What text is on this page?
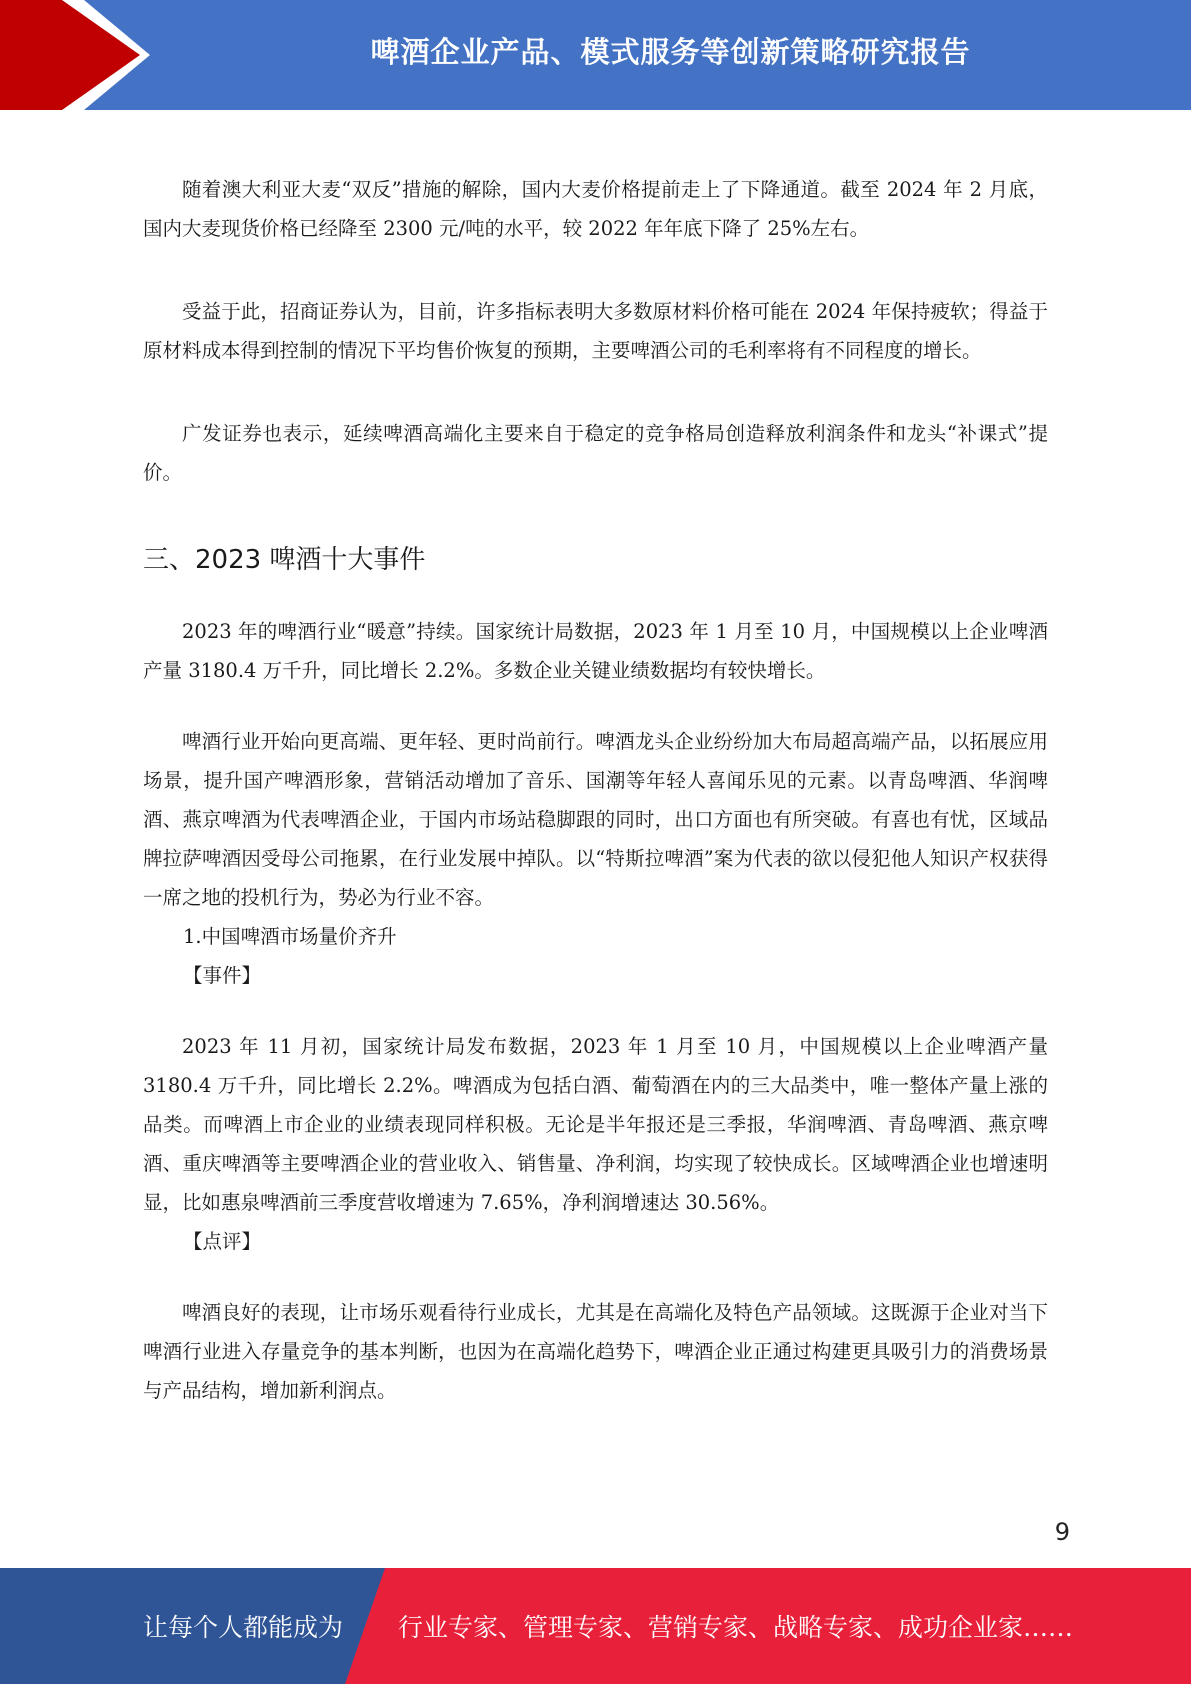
啤酒企业产品、模式服务等创新策略研究报告

随着澳大利亚大麦“双反”措施的解除，国内大麦价格提前走上了下降通道。截至 2024 年 2 月底，国内大麦现货价格已经降至 2300 元/吨的水平，较 2022 年年底下降了 25%左右。

受益于此，招商证券认为，目前，许多指标表明大多数原材料价格可能在 2024 年保持疲软；得益于原材料成本得到控制的情况下平均售价恢复的预期，主要啤酒公司的毛利率将有不同程度的增长。

广发证券也表示，延续啤酒高端化主要来自于稳定的竞争格局创造释放利润条件和龙头“补课式”提价。

三、2023 啤酒十大事件

2023 年的啤酒行业“暖意”持续。国家统计局数据，2023 年 1 月至 10 月，中国规模以上企业啤酒产量 3180.4 万千升，同比增长 2.2%。多数企业关键业绩数据均有较快增长。

啤酒行业开始向更高端、更年轻、更时尚前行。啤酒龙头企业纷纷加大布局超高端产品，以拓展应用场景，提升国产啤酒形象，营销活动增加了音乐、国潮等年轻人喜闻乐见的元素。以青岛啤酒、华润啤酒、燕京啤酒为代表啤酒企业，于国内市场站稳脚跟的同时，出口方面也有所突破。有喜也有忧，区域品牌拉萨啤酒因受母公司拖累，在行业发展中掉队。以“特斯拉啤酒”案为代表的欲以侵犯他人知识产权获得一席之地的投机行为，势必为行业不容。

1.中国啤酒市场量价齐升

【事件】

2023 年 11 月初，国家统计局发布数据，2023 年 1 月至 10 月，中国规模以上企业啤酒产量 3180.4 万千升，同比增长 2.2%。啤酒成为包括白酒、葡萄酒在内的三大品类中，唯一整体产量上涨的品类。而啤酒上市企业的业绩表现同样积极。无论是半年报还是三季报，华润啤酒、青岛啤酒、燕京啤酒、重庆啤酒等主要啤酒企业的营业收入、销售量、净利润，均实现了较快成长。区域啤酒企业也增速明显，比如惠泉啤酒前三季度营收增速为 7.65%，净利润增速达 30.56%。

【点评】

啤酒良好的表现，让市场乐观看待行业成长，尤其是在高端化及特色产品领域。这既源于企业对当下啤酒行业进入存量竞争的基本判断，也因为在高端化趋势下，啤酒企业正通过构建更具吸引力的消费场景与产品结构，增加新利润点。

9
让每个人都能成为 行业专家、管理专家、营销专家、战略专家、成功企业家……
